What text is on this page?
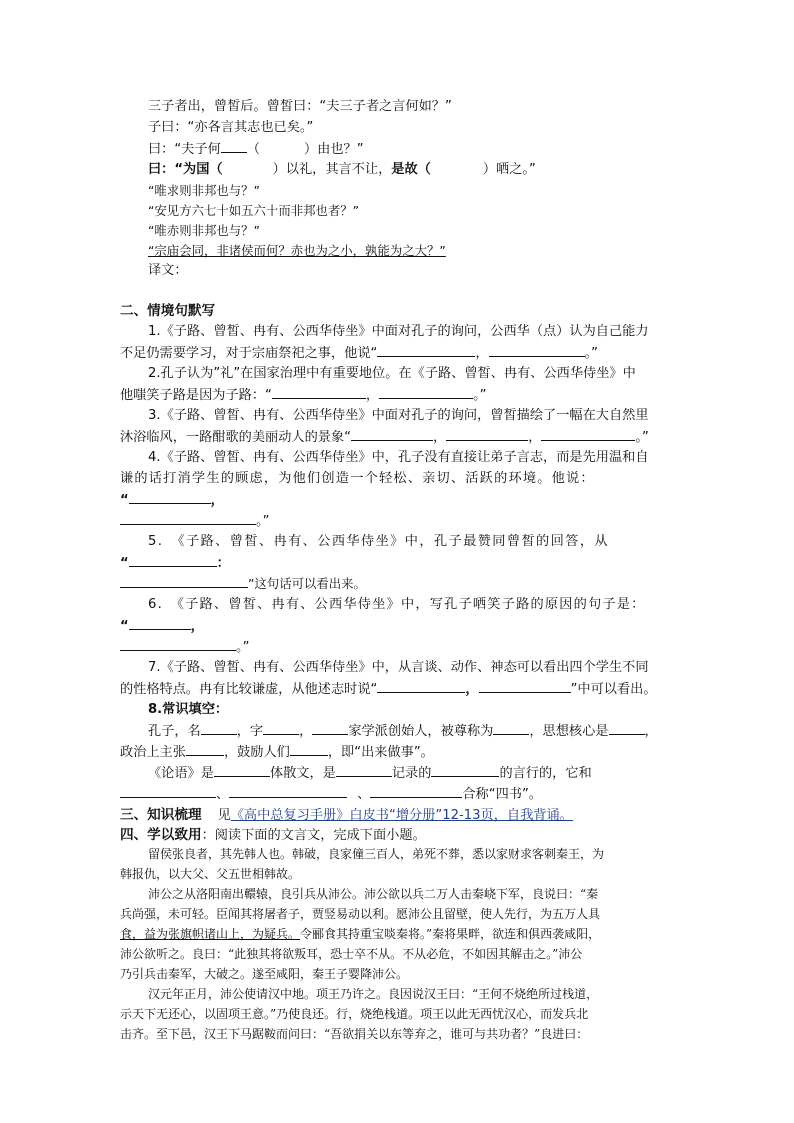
三子者出，曾皙后。曾皙曰：“夫三子者之言何如？”
子曰：“亦各言其志也已矣。”
曰：“夫子何 （	）由也？”
曰：“为国（	）以礼，其言不让，是故（	）哂之。”
“唯求则非邦也与？”
“安见方六七十如五六十而非邦也者？”
“唯赤则非邦也与？”
“宗庙会同，非诸侯而何？赤也为之小，孰能为之大？”
译文：
二、情境句默写
1.《子路、曾皙、冉有、公西华侍坐》中面对孔子的询问，公西华（点）认为自己能力
不足仍需要学习，对于宗庙祭祀之事，他说“	，	。”
2.孔子认为”礼”在国家治理中有重要地位。在《子路、曾皙、冉有、公西华侍坐》中
他嗤笑子路是因为子路：“	，	。”
3.《子路、曾皙、冉有、公西华侍坐》中面对孔子的询问，曾皙描绘了一幅在大自然里
沐浴临风，一路酣歌的美丽动人的景象“	，	，	。”
4.《子路、曾皙、冉有、公西华侍坐》中，孔子没有直接让弟子言志，而是先用温和自
谦的话打消学生的顾虑，为他们创造一个轻松、亲切、活跃的环境。他说：
“	，
。”
5.　《子路、曾皙、冉有、公西华侍坐》中，孔子最赞同曾皙的回答，从
“	：
”这句话可以看出来。
6.　《子路、曾皙、冉有、公西华侍坐》中，写孔子哂笑子路的原因的句子是：
“	，
。”
7.《子路、曾皙、冉有、公西华侍坐》中，从言谈、动作、神态可以看出四个学生不同
的性格特点。冉有比较谦虚，从他述志时说“	，	”中可以看出。
8.常识填空：
孔子，名	，字	，	家学派创始人，被尊称为	，思想核心是	，
政治上主张	，鼓励人们	，即“出来做事”。
《论语》是	体散文，是	记录的	的言行的，它和
、	、	合称“四书”。
三、知识梳理 见《高中总复习手册》白皮书“增分册”12-13页，自我背诵。
四、学以致用：阅读下面的文言文，完成下面小题。
留侯张良者，其先韩人也。韩破，良家僮三百人，弟死不葬，悉以家财求客刺秦王，为
韩报仇，以大父、父五世相韩故。
沛公之从洛阳南出轘辕，良引兵从沛公。沛公欲以兵二万人击秦峣下军，良说曰：“秦
兵尚强，未可轻。臣闻其将屠者子，贾竖易动以利。愿沛公且留壁，使人先行，为五万人具
食，益为张旗帜诸山上，为疑兵。令郦食其持重宝啖秦将。”秦将果畔，欲连和俱西袭咸阳，
沛公欲听之。良曰：“此独其将欲叛耳，恐士卒不从。不从必危，不如因其解击之。”沛公
乃引兵击秦军，大破之。遂至咸阳，秦王子婴降沛公。
汉元年正月，沛公使请汉中地。项王乃许之。良因说汉王曰：“王何不烧绝所过栈道，
示天下无还心，以固项王意。”乃使良还。行，烧绝栈道。项王以此无西忧汉心，而发兵北
击齐。至下邑，汉王下马踞鞍而问曰：“吾欲捐关以东等弃之，谁可与共功者？”良进曰：
